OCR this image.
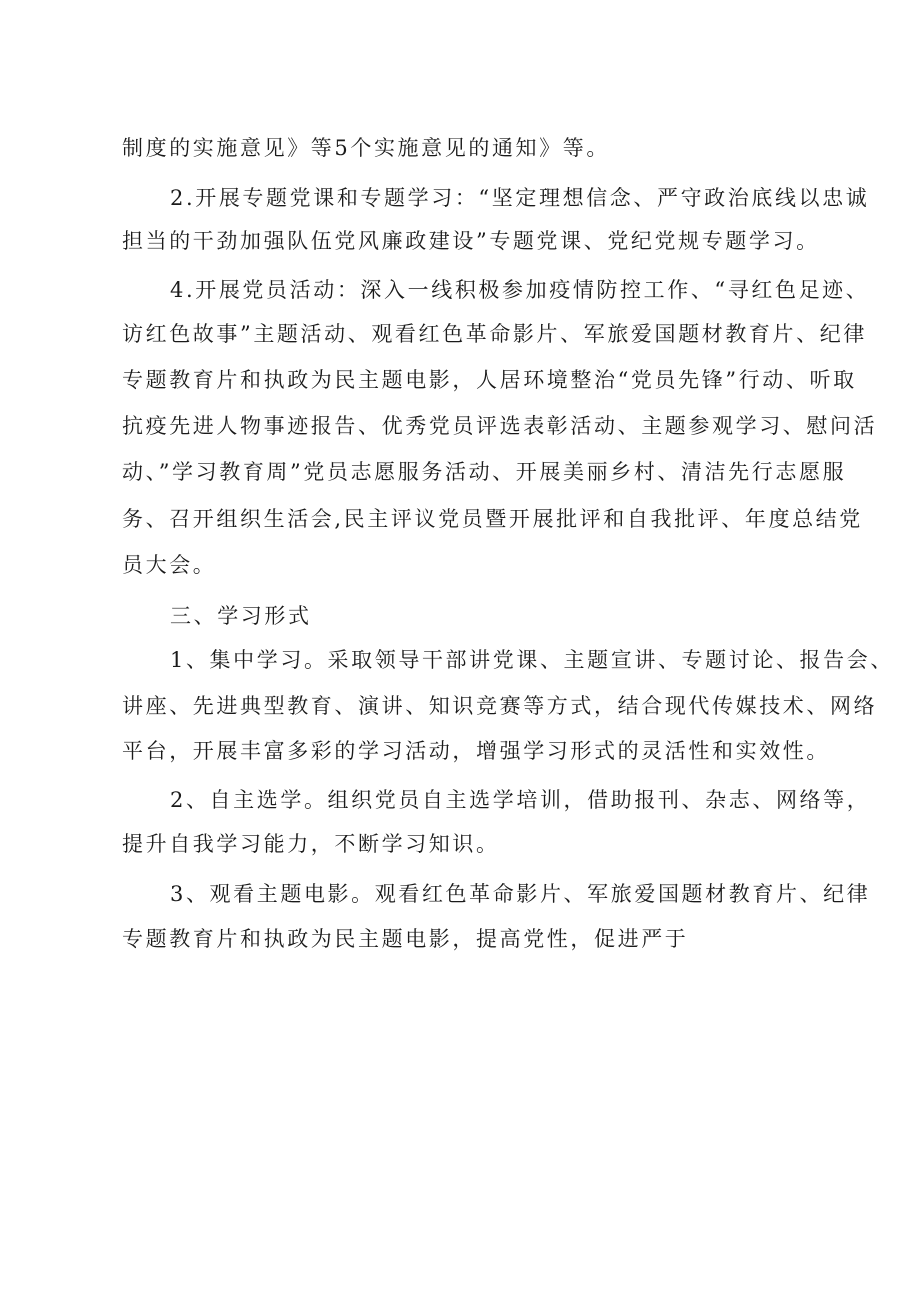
制度的实施意见》等5个实施意见的通知》等。
2.开展专题党课和专题学习：“坚定理想信念、严守政治底线以忠诚
担当的干劲加强队伍党风廉政建设”专题党课、党纪党规专题学习。
4.开展党员活动：深入一线积极参加疫情防控工作、“寻红色足迹、
访红色故事”主题活动、观看红色革命影片、军旅爱国题材教育片、纪律
专题教育片和执政为民主题电影，人居环境整治“党员先锋”行动、听取
抗疫先进人物事迹报告、优秀党员评选表彰活动、主题参观学习、慰问活
动、”学习教育周”党员志愿服务活动、开展美丽乡村、清洁先行志愿服
务、召开组织生活会,民主评议党员暨开展批评和自我批评、年度总结党
员大会。
三、学习形式
1、集中学习。采取领导干部讲党课、主题宣讲、专题讨论、报告会、
讲座、先进典型教育、演讲、知识竞赛等方式，结合现代传媒技术、网络
平台，开展丰富多彩的学习活动，增强学习形式的灵活性和实效性。
2、自主选学。组织党员自主选学培训，借助报刊、杂志、网络等，
提升自我学习能力，不断学习知识。
3、观看主题电影。观看红色革命影片、军旅爱国题材教育片、纪律
专题教育片和执政为民主题电影，提高党性，促进严于
